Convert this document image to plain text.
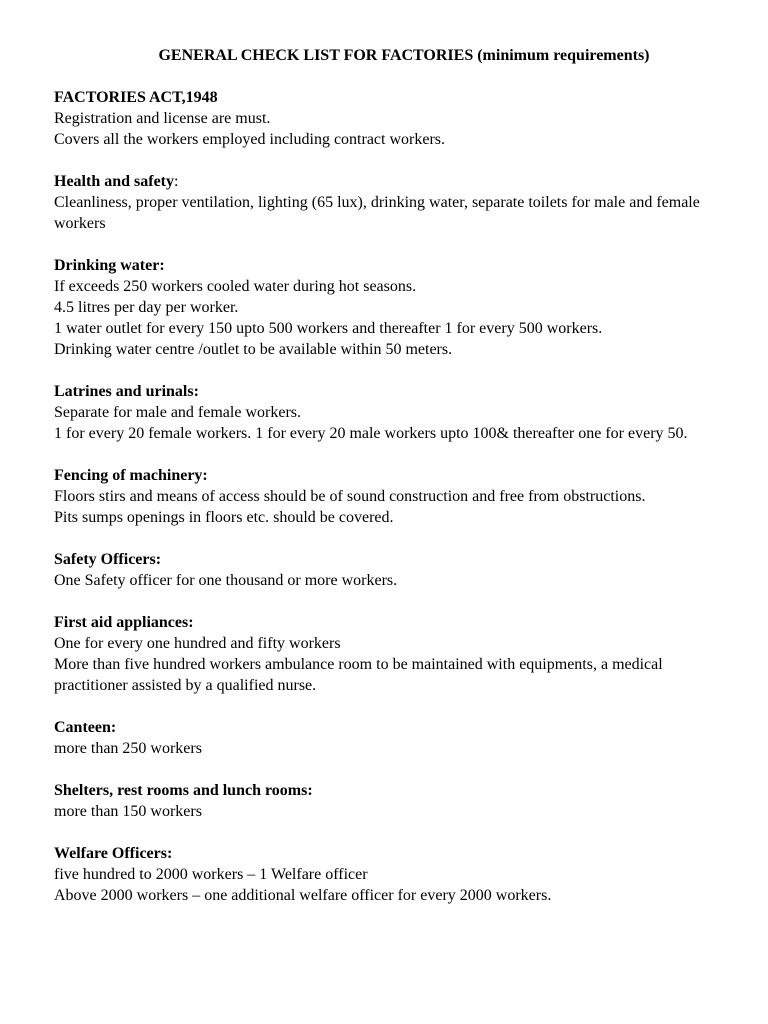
GENERAL CHECK LIST FOR FACTORIES (minimum requirements)
FACTORIES ACT,1948
Registration and license are must.
Covers all the workers employed including contract workers.
Health and safety:
Cleanliness, proper ventilation, lighting (65 lux), drinking water, separate toilets for male and female workers
Drinking water:
If exceeds 250 workers cooled water during hot seasons.
4.5 litres per day per worker.
1 water outlet for every 150 upto 500 workers and thereafter 1 for every 500 workers.
Drinking water centre /outlet to be available within 50 meters.
Latrines and urinals:
Separate for male and female workers.
1 for every 20 female workers. 1 for every 20 male workers upto 100& thereafter one for every 50.
Fencing of machinery:
Floors stirs and means of access should be of sound construction and free from obstructions.
Pits sumps openings in floors etc. should be covered.
Safety Officers:
One Safety officer for one thousand or more workers.
First aid appliances:
One for every one hundred and fifty workers
More than five hundred workers ambulance room to be maintained with equipments, a medical practitioner assisted by a qualified nurse.
Canteen:
more than 250 workers
Shelters, rest rooms and lunch rooms:
more than 150 workers
Welfare Officers:
five hundred to 2000 workers – 1 Welfare officer
Above 2000 workers – one additional welfare officer for every 2000 workers.
